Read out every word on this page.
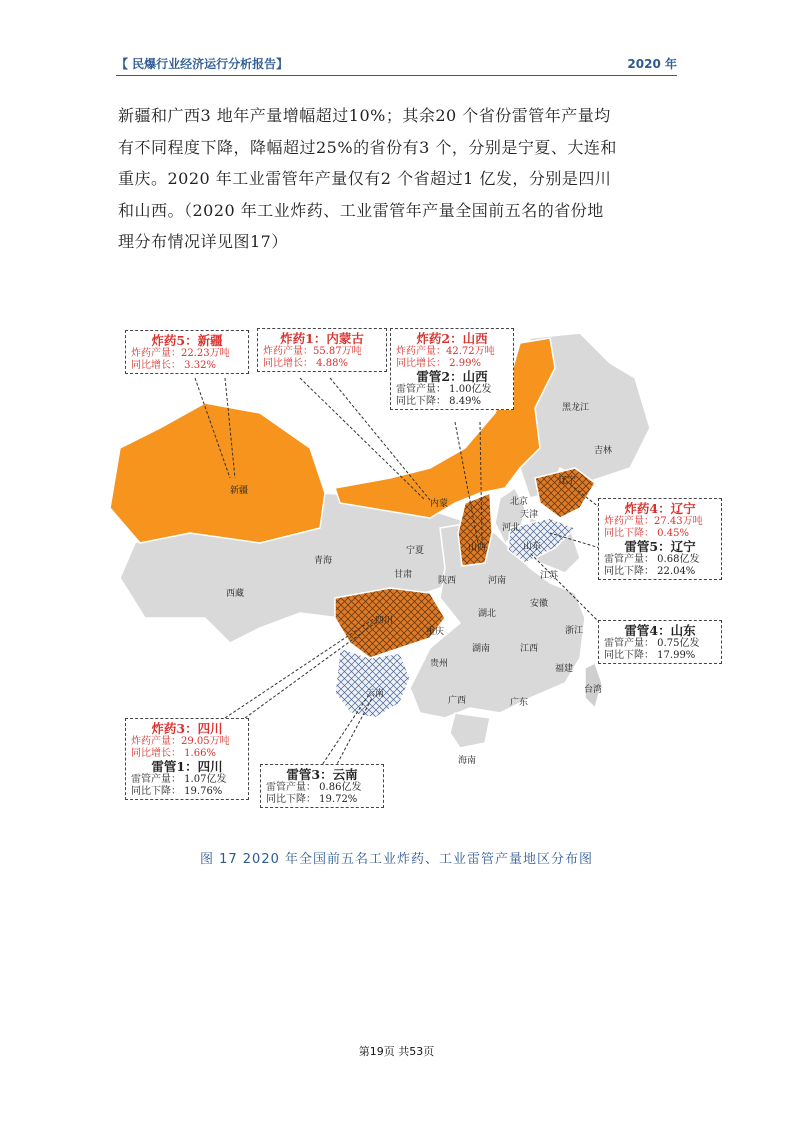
【 民爆行业经济运行分析报告】	2020 年

新疆和广西3 地年产量增幅超过10%；其余20 个省份雷管年产量均

有不同程度下降，降幅超过25%的省份有3 个，分别是宁夏、大连和

重庆。2020 年工业雷管年产量仅有2 个省超过1 亿发，分别是四川

和山西。（2020 年工业炸药、工业雷管年产量全国前五名的省份地

理分布情况详见图17）

新疆
内蒙
黑龙江
吉林
辽宁
北京
天津
河北
山西	山东
青海
宁夏
甘肃
陕西	河南	江苏
安徽
西藏
四川
湖北
重庆	浙江
贵州
湖南	江西
福建
云南
广西	广东
台湾
海南
炸药5：新疆
炸药产量：22.23万吨
同比增长： 3.32%
炸药1：内蒙古
炸药产量：55.87万吨
同比增长： 4.88%
炸药2：山西
炸药产量：42.72万吨
同比增长： 2.99%
雷管2：山西
雷管产量： 1.00亿发
同比下降： 8.49%
炸药4：辽宁
炸药产量：27.43万吨
同比下降： 0.45%
雷管5：辽宁
雷管产量： 0.68亿发
同比下降： 22.04%
雷管4：山东
雷管产量： 0.75亿发
同比下降： 17.99%
炸药3：四川
炸药产量：29.05万吨
同比增长： 1.66%
雷管1：四川
雷管产量： 1.07亿发
同比下降： 19.76%
雷管3：云南
雷管产量： 0.86亿发
同比下降： 19.72%
图 17 2020 年全国前五名工业炸药、工业雷管产量地区分布图
第19页 共53页
